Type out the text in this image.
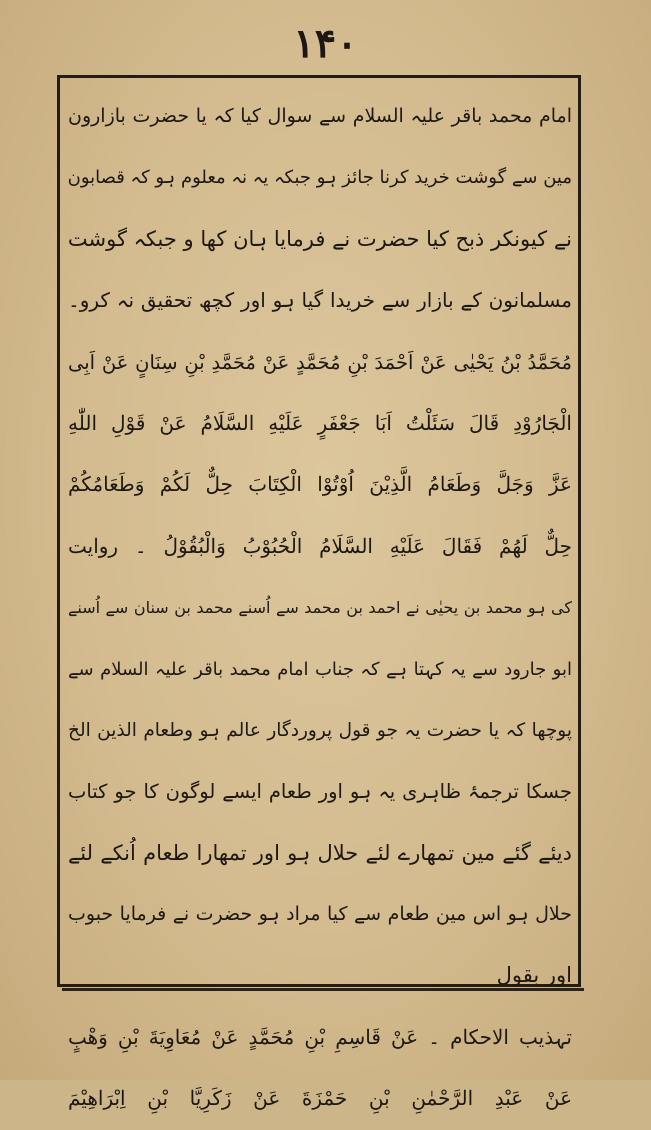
۱۴۰
امام محمد باقر علیہ السلام سے سوال کیا کہ یا حضرت بازارون
مین سے گوشت خرید کرنا جائز ہو جبکہ یہ نہ معلوم ہو کہ قصابون
نے کیونکر ذبح کیا حضرت نے فرمایا ہان کھا و جبکہ گوشت
مسلمانون کے بازار سے خریدا گیا ہو اور کچھ تحقیق نہ کرو۔
مُحَمَّدُ بْنُ یَحْیٰی عَنْ اَحْمَدَ بْنِ مُحَمَّدٍ عَنْ مُحَمَّدِ بْنِ سِنَانٍ عَنْ اَبِی
الْجَارُوْدِ قَالَ سَئَلْتُ اَبَا جَعْفَرٍ عَلَیْهِ السَّلَامُ عَنْ قَوْلِ اللّٰهِ
عَزَّ وَجَلَّ وَطَعَامُ الَّذِیْنَ اُوْتُوْا الْکِتَابَ حِلٌّ لَکُمْ وَطَعَامُکُمْ
حِلٌّ لَهُمْ فَقَالَ عَلَیْهِ السَّلَامُ الْحُبُوْبُ وَالْبُقُوْلُ ۔ روایت
کی ہو محمد بن یحیٰی نے احمد بن محمد سے اُسنے محمد بن سنان سے اُسنے
ابو جارود سے یہ کہتا ہے کہ جناب امام محمد باقر علیہ السلام سے
پوچھا کہ یا حضرت یہ جو قول پروردگار عالم ہو وطعام الذین الخ
جسکا ترجمۂ ظاہری یہ ہو اور طعام ایسے لوگون کا جو کتاب
دیئے گئے مین تمھارے لئے حلال ہو اور تمھارا طعام اُنکے لئے
حلال ہو اس مین طعام سے کیا مراد ہو حضرت نے فرمایا حبوب
اور بقول
تہذیب الاحکام ۔ عَنْ قَاسِمِ بْنِ مُحَمَّدٍ عَنْ مُعَاوِیَةَ بْنِ وَهْبٍ
عَنْ عَبْدِ الرَّحْمٰنِ بْنِ حَمْزَةَ عَنْ زَکَرِیَّا بْنِ اِبْرَاهِیْمَ
